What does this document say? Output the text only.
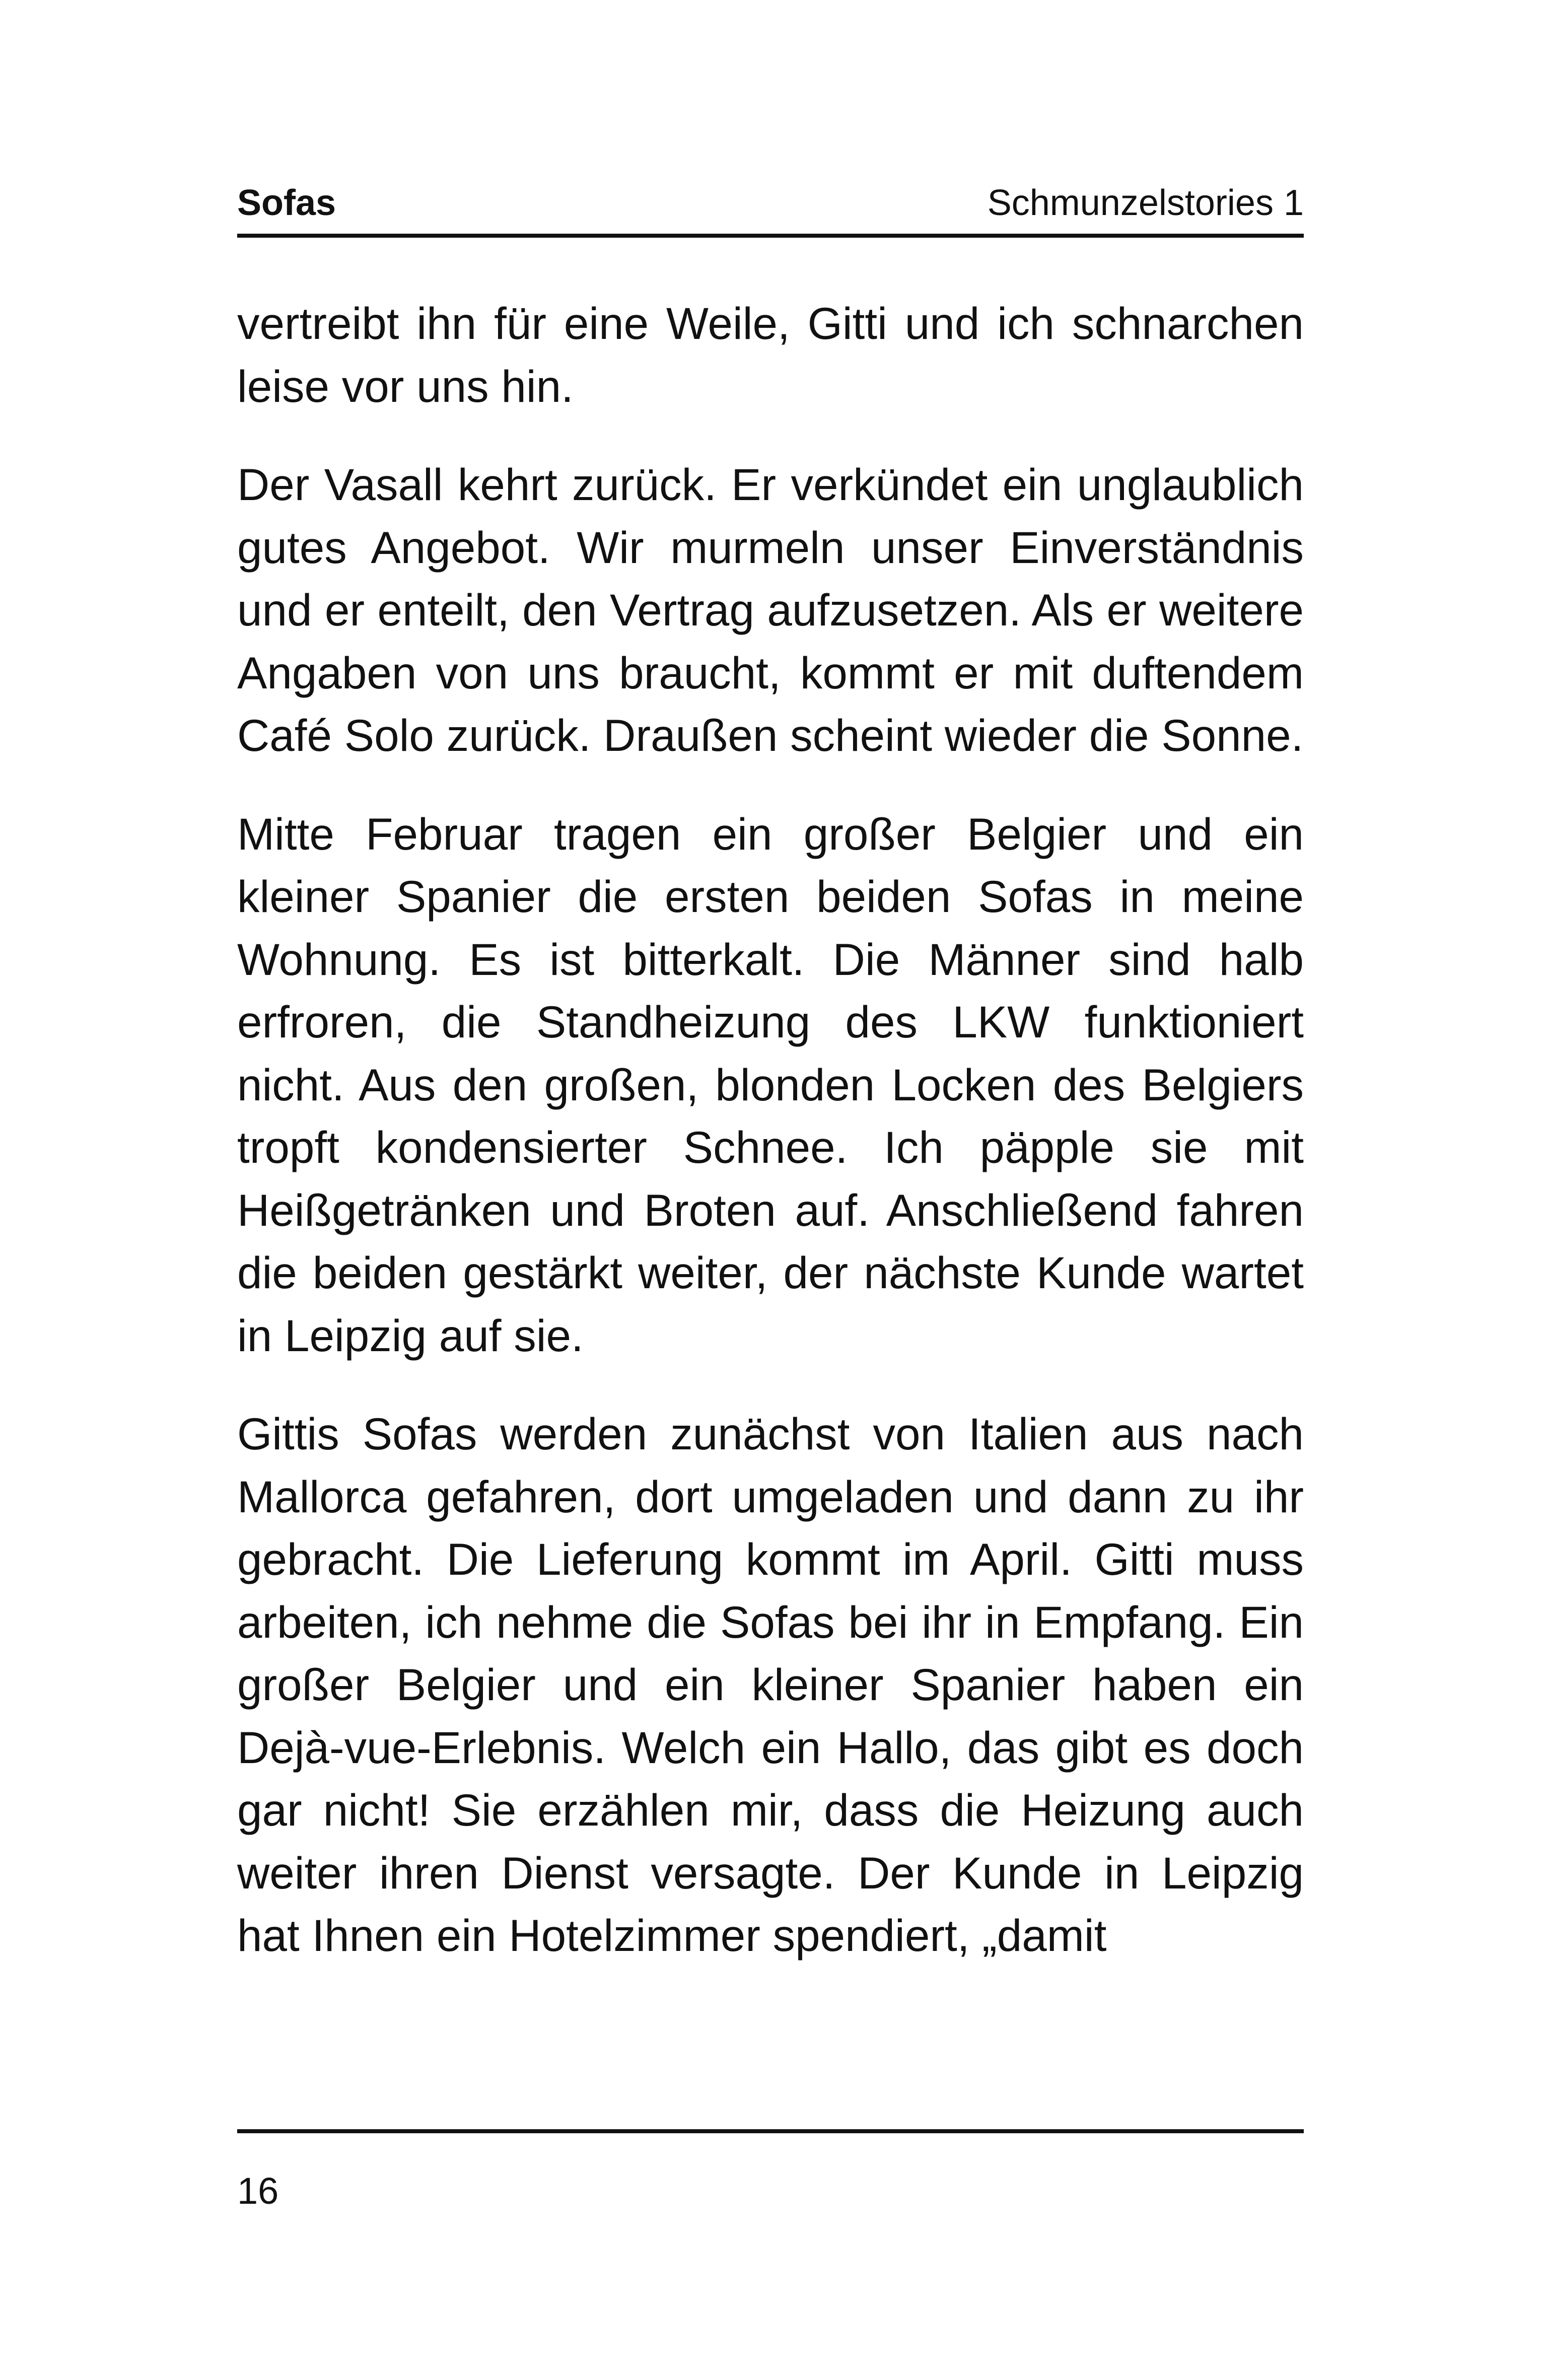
Sofas	Schmunzelstories 1

vertreibt ihn für eine Weile, Gitti und ich schnarchen leise vor uns hin.

Der Vasall kehrt zurück. Er verkündet ein unglaublich gutes Angebot. Wir murmeln unser Einverständnis und er enteilt, den Vertrag aufzusetzen. Als er weitere Angaben von uns braucht, kommt er mit duftendem Café Solo zurück. Draußen scheint wieder die Sonne.

Mitte Februar tragen ein großer Belgier und ein kleiner Spanier die ersten beiden Sofas in meine Wohnung. Es ist bitterkalt. Die Männer sind halb erfroren, die Standheizung des LKW funktioniert nicht. Aus den großen, blonden Locken des Belgiers tropft kondensierter Schnee. Ich päpple sie mit Heißgetränken und Broten auf. Anschließend fahren die beiden gestärkt weiter, der nächste Kunde wartet in Leipzig auf sie.

Gittis Sofas werden zunächst von Italien aus nach Mallorca gefahren, dort umgeladen und dann zu ihr gebracht. Die Lieferung kommt im April. Gitti muss arbeiten, ich nehme die Sofas bei ihr in Empfang. Ein großer Belgier und ein kleiner Spanier haben ein Dejà-vue-Erlebnis. Welch ein Hallo, das gibt es doch gar nicht! Sie erzählen mir, dass die Heizung auch weiter ihren Dienst versagte. Der Kunde in Leipzig hat Ihnen ein Hotelzimmer spendiert, „damit

16
